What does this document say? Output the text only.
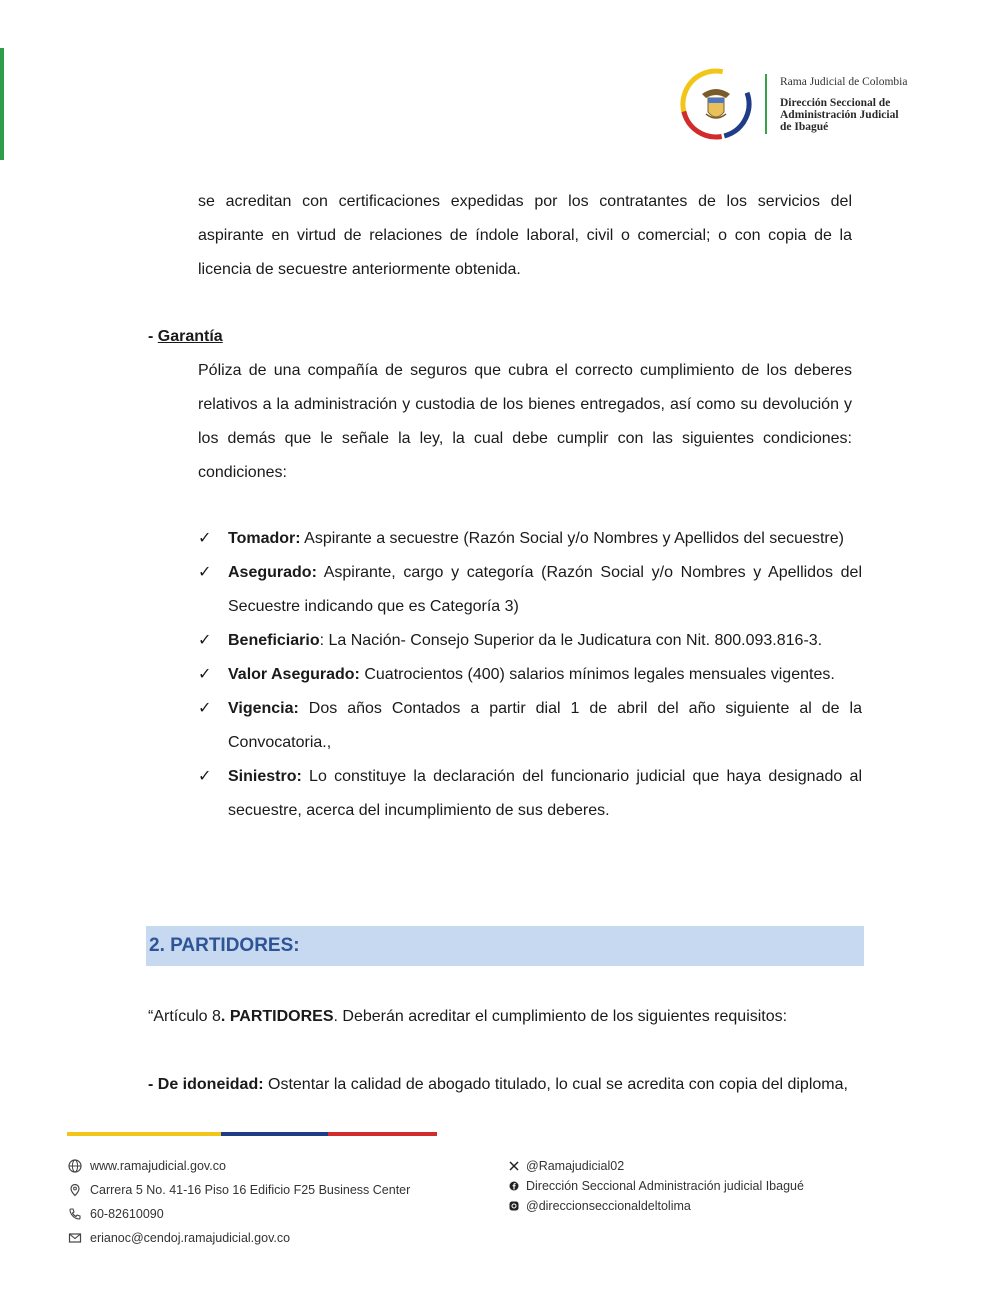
Rama Judicial de Colombia
Dirección Seccional de
Administración Judicial
de Ibagué
se acreditan con certificaciones expedidas por los contratantes de los servicios del aspirante en virtud de relaciones de índole laboral, civil o comercial; o con copia de la licencia de secuestre anteriormente obtenida.
- Garantía
Póliza de una compañía de seguros que cubra el correcto cumplimiento de los deberes relativos a la administración y custodia de los bienes entregados, así como su devolución y los demás que le señale la ley, la cual debe cumplir con las siguientes condiciones: condiciones:
✓ Tomador: Aspirante a secuestre (Razón Social y/o Nombres y Apellidos del secuestre)
✓ Asegurado: Aspirante, cargo y categoría (Razón Social y/o Nombres y Apellidos del Secuestre indicando que es Categoría 3)
✓ Beneficiario: La Nación- Consejo Superior da le Judicatura con Nit. 800.093.816-3.
✓ Valor Asegurado: Cuatrocientos (400) salarios mínimos legales mensuales vigentes.
✓ Vigencia: Dos años Contados a partir dial 1 de abril del año siguiente al de la Convocatoria.,
✓ Siniestro: Lo constituye la declaración del funcionario judicial que haya designado al secuestre, acerca del incumplimiento de sus deberes.
2. PARTIDORES:
“Artículo 8. PARTIDORES. Deberán acreditar el cumplimiento de los siguientes requisitos:
- De idoneidad: Ostentar la calidad de abogado titulado, lo cual se acredita con copia del diploma,
www.ramajudicial.gov.co
Carrera 5 No. 41-16 Piso 16 Edificio F25 Business Center
60-82610090
erianoc@cendoj.ramajudicial.gov.co
@Ramajudicial02
Dirección Seccional Administración judicial Ibagué
@direccionseccionaldeltolima
